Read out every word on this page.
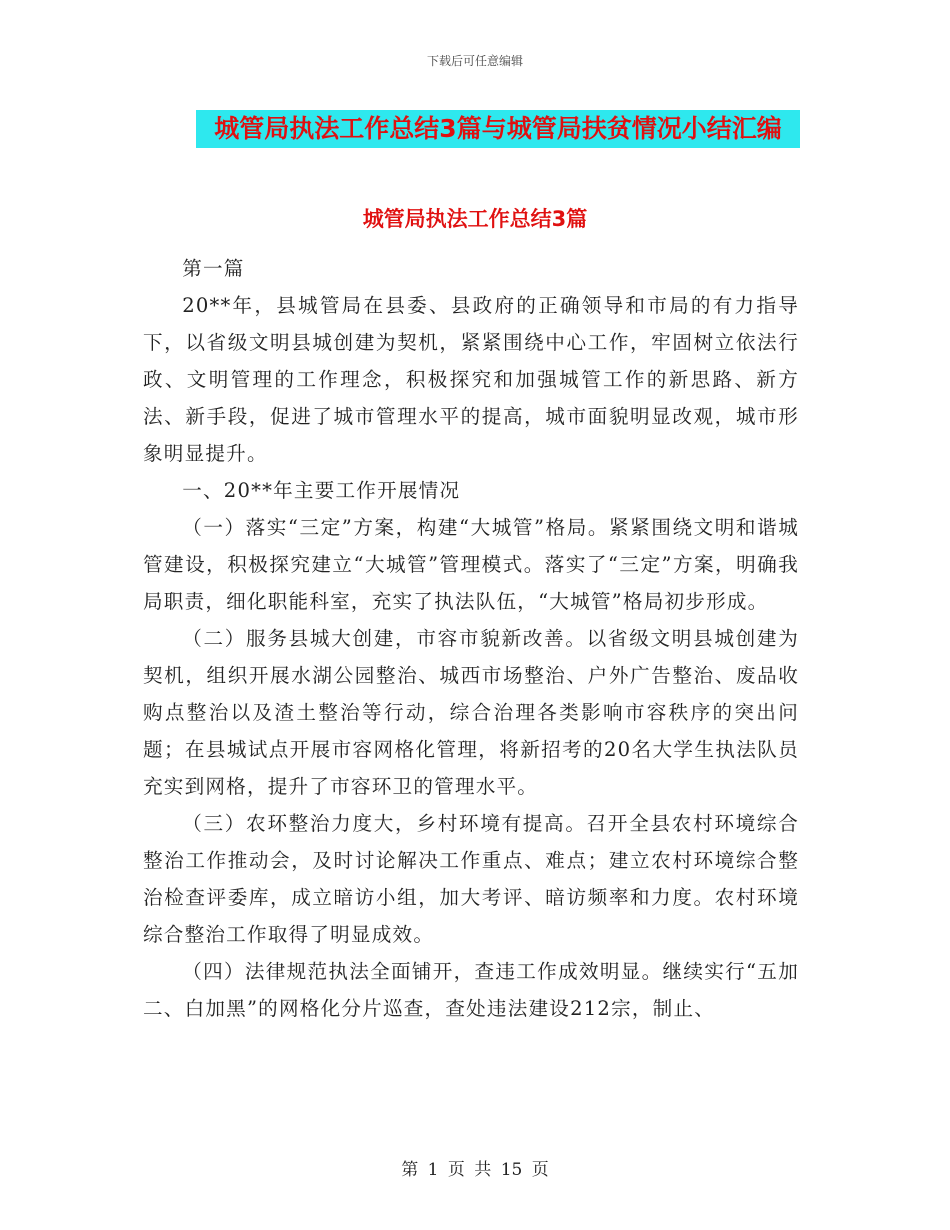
下载后可任意编辑
城管局执法工作总结3篇与城管局扶贫情况小结汇编
城管局执法工作总结3篇

第一篇

20**年，县城管局在县委、县政府的正确领导和市局的有力指导下，以省级文明县城创建为契机，紧紧围绕中心工作，牢固树立依法行政、文明管理的工作理念，积极探究和加强城管工作的新思路、新方法、新手段，促进了城市管理水平的提高，城市面貌明显改观，城市形象明显提升。

一、20**年主要工作开展情况

（一）落实“三定”方案，构建“大城管”格局。紧紧围绕文明和谐城管建设，积极探究建立“大城管”管理模式。落实了“三定”方案，明确我局职责，细化职能科室，充实了执法队伍，“大城管”格局初步形成。

（二）服务县城大创建，市容市貌新改善。以省级文明县城创建为契机，组织开展水湖公园整治、城西市场整治、户外广告整治、废品收购点整治以及渣土整治等行动，综合治理各类影响市容秩序的突出问题；在县城试点开展市容网格化管理，将新招考的20名大学生执法队员充实到网格，提升了市容环卫的管理水平。

（三）农环整治力度大，乡村环境有提高。召开全县农村环境综合整治工作推动会，及时讨论解决工作重点、难点；建立农村环境综合整治检查评委库，成立暗访小组，加大考评、暗访频率和力度。农村环境综合整治工作取得了明显成效。

（四）法律规范执法全面铺开，查违工作成效明显。继续实行“五加二、白加黑”的网格化分片巡查，查处违法建设212宗，制止、

第 1 页 共 15 页
